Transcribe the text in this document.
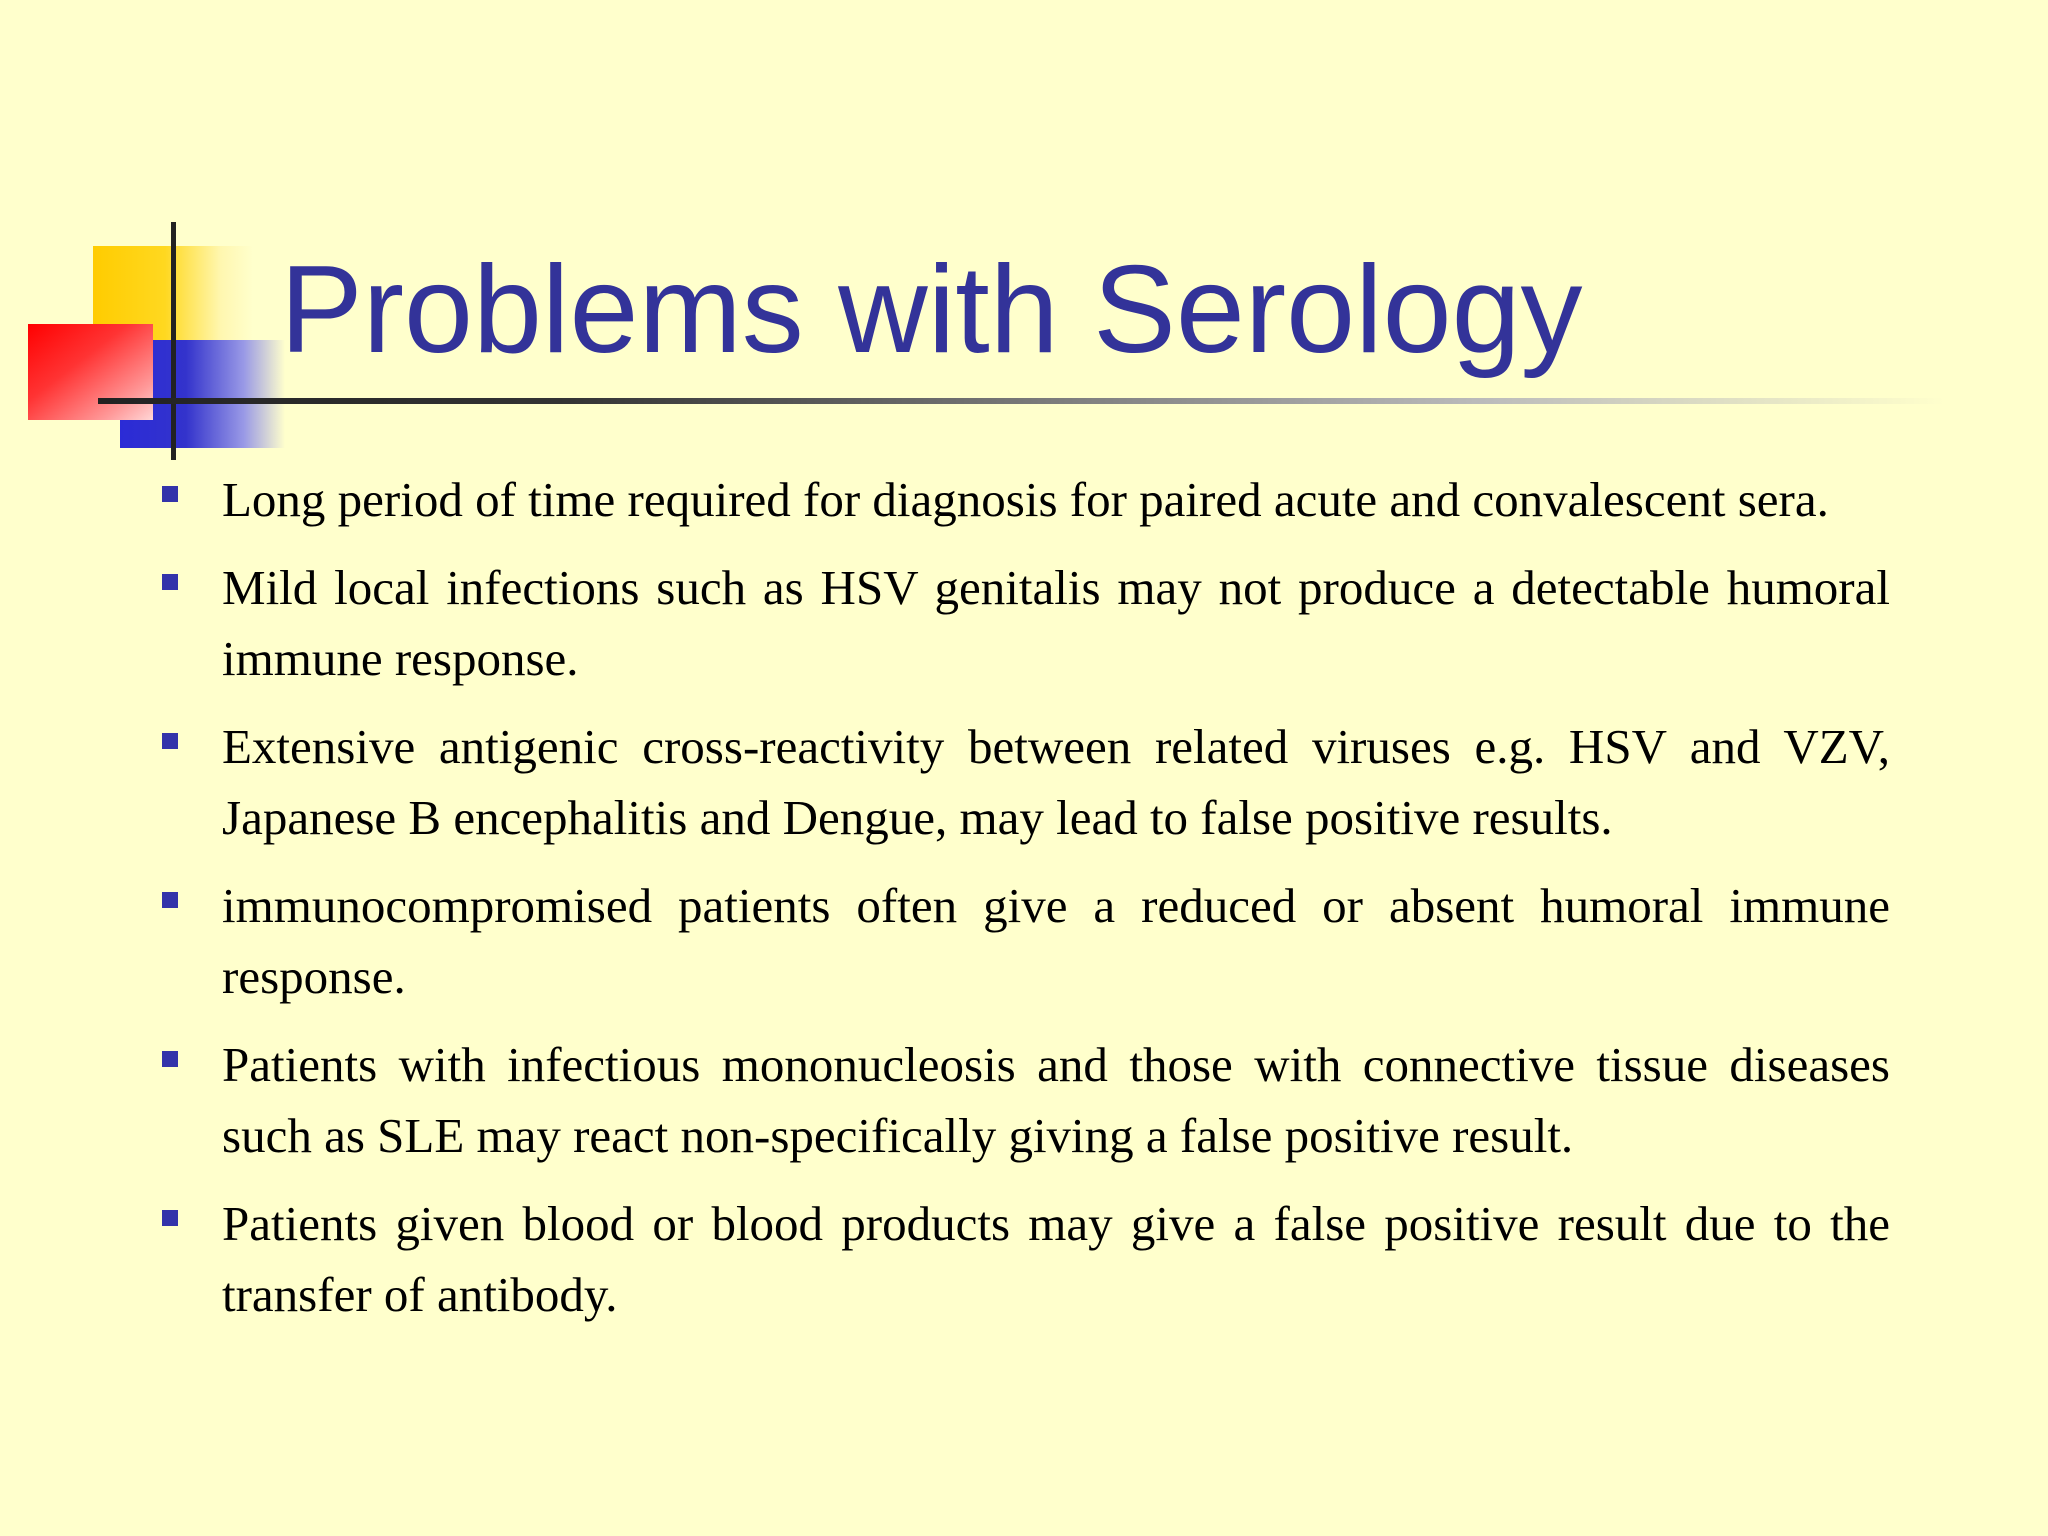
Problems with Serology
Long period of time required for diagnosis for paired acute and convalescent sera.
Mild local infections such as HSV genitalis may not produce a detectable humoral immune response.
Extensive antigenic cross-reactivity between related viruses e.g. HSV and VZV, Japanese B encephalitis and Dengue, may lead to false positive results.
immunocompromised patients often give a reduced or absent humoral immune response.
Patients with infectious mononucleosis and those with connective tissue diseases such as SLE may react non-specifically giving a false positive result.
Patients given blood or blood products may give a false positive result due to the transfer of antibody.
